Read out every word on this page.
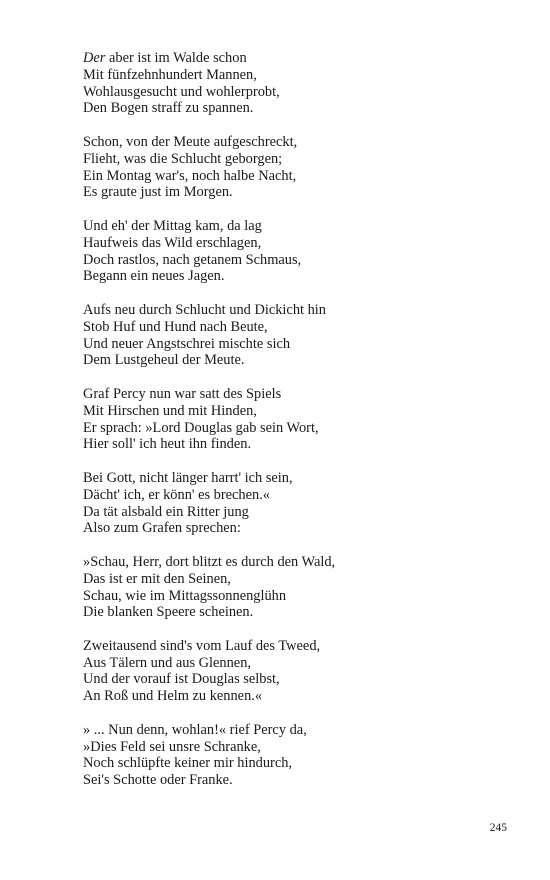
Der aber ist im Walde schon
Mit fünfzehnhundert Mannen,
Wohlausgesucht und wohlerprobt,
Den Bogen straff zu spannen.
Schon, von der Meute aufgeschreckt,
Flieht, was die Schlucht geborgen;
Ein Montag war's, noch halbe Nacht,
Es graute just im Morgen.
Und eh' der Mittag kam, da lag
Haufweis das Wild erschlagen,
Doch rastlos, nach getanem Schmaus,
Begann ein neues Jagen.
Aufs neu durch Schlucht und Dickicht hin
Stob Huf und Hund nach Beute,
Und neuer Angstschrei mischte sich
Dem Lustgeheul der Meute.
Graf Percy nun war satt des Spiels
Mit Hirschen und mit Hinden,
Er sprach: »Lord Douglas gab sein Wort,
Hier soll' ich heut ihn finden.
Bei Gott, nicht länger harrt' ich sein,
Dächt' ich, er könn' es brechen.«
Da tät alsbald ein Ritter jung
Also zum Grafen sprechen:
»Schau, Herr, dort blitzt es durch den Wald,
Das ist er mit den Seinen,
Schau, wie im Mittagssonnenglühn
Die blanken Speere scheinen.
Zweitausend sind's vom Lauf des Tweed,
Aus Tälern und aus Glennen,
Und der vorauf ist Douglas selbst,
An Roß und Helm zu kennen.«
» ... Nun denn, wohlan!« rief Percy da,
»Dies Feld sei unsre Schranke,
Noch schlüpfte keiner mir hindurch,
Sei's Schotte oder Franke.
245
